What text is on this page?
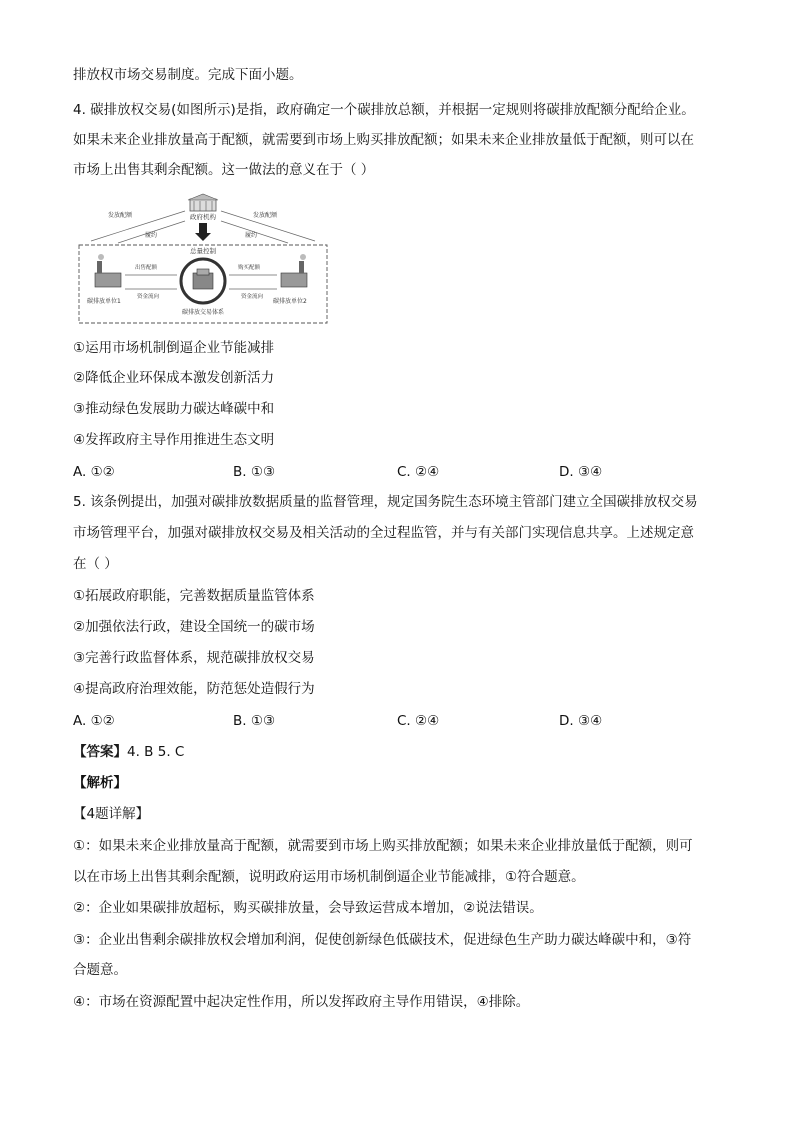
排放权市场交易制度。完成下面小题。
4. 碳排放权交易(如图所示)是指，政府确定一个碳排放总额，并根据一定规则将碳排放配额分配给企业。
如果未来企业排放量高于配额，就需要到市场上购买排放配额；如果未来企业排放量低于配额，则可以在
市场上出售其剩余配额。这一做法的意义在于（ ）
政府机构
发放配额	发放配额
履约	履约
总量控制
碳排放交易体系
碳排放单位1	碳排放单位2
出售配额	购买配额
资金流向	资金流向
①运用市场机制倒逼企业节能减排
②降低企业环保成本激发创新活力
③推动绿色发展助力碳达峰碳中和
④发挥政府主导作用推进生态文明
A. ①②	B. ①③	C. ②④	D. ③④
5. 该条例提出，加强对碳排放数据质量的监督管理，规定国务院生态环境主管部门建立全国碳排放权交易
市场管理平台，加强对碳排放权交易及相关活动的全过程监管，并与有关部门实现信息共享。上述规定意
在（ ）
①拓展政府职能，完善数据质量监管体系
②加强依法行政，建设全国统一的碳市场
③完善行政监督体系，规范碳排放权交易
④提高政府治理效能，防范惩处造假行为
A. ①②	B. ①③	C. ②④	D. ③④
【答案】4. B 5. C
【解析】
【4题详解】
①：如果未来企业排放量高于配额，就需要到市场上购买排放配额；如果未来企业排放量低于配额，则可
以在市场上出售其剩余配额，说明政府运用市场机制倒逼企业节能减排，①符合题意。
②：企业如果碳排放超标，购买碳排放量，会导致运营成本增加，②说法错误。
③：企业出售剩余碳排放权会增加利润，促使创新绿色低碳技术，促进绿色生产助力碳达峰碳中和，③符
合题意。
④：市场在资源配置中起决定性作用，所以发挥政府主导作用错误，④排除。
